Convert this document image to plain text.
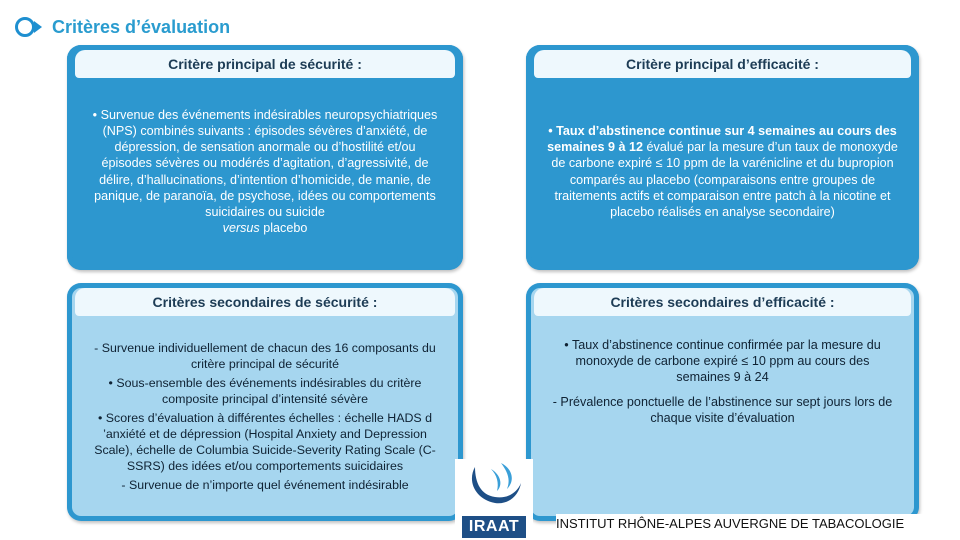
Critères d’évaluation
Critère principal de sécurité :

• Survenue des événements indésirables neuropsychiatriques (NPS) combinés suivants : épisodes sévères d’anxiété, de dépression, de sensation anormale ou d’hostilité et/ou épisodes sévères ou modérés d’agitation, d’agressivité, de délire, d’hallucinations, d’intention d’homicide, de manie, de panique, de paranoïa, de psychose, idées ou comportements suicidaires ou suicide
versus placebo

Critère principal d’efficacité :

• Taux d’abstinence continue sur 4 semaines au cours des semaines 9 à 12 évalué par la mesure d’un taux de monoxyde de carbone expiré ≤ 10 ppm de la varénicline et du bupropion comparés au placebo (comparaisons entre groupes de traitements actifs et comparaison entre patch à la nicotine et placebo réalisés en analyse secondaire)

Critères secondaires de sécurité :

- Survenue individuellement de chacun des 16 composants du critère principal de sécurité

• Sous-ensemble des événements indésirables du critère composite principal d’intensité sévère

• Scores d’évaluation à différentes échelles : échelle HADS d ’anxiété et de dépression (Hospital Anxiety and Depression Scale), échelle de Columbia Suicide-Severity Rating Scale (C-SSRS) des idées et/ou comportements suicidaires

- Survenue de n’importe quel événement indésirable

Critères secondaires d’efficacité :

• Taux d’abstinence continue confirmée par la mesure du monoxyde de carbone expiré ≤ 10 ppm au cours des semaines 9 à 24

- Prévalence ponctuelle de l’abstinence sur sept jours lors de chaque visite d’évaluation

IRAAT	INSTITUT RHÔNE-ALPES AUVERGNE DE TABACOLOGIE
